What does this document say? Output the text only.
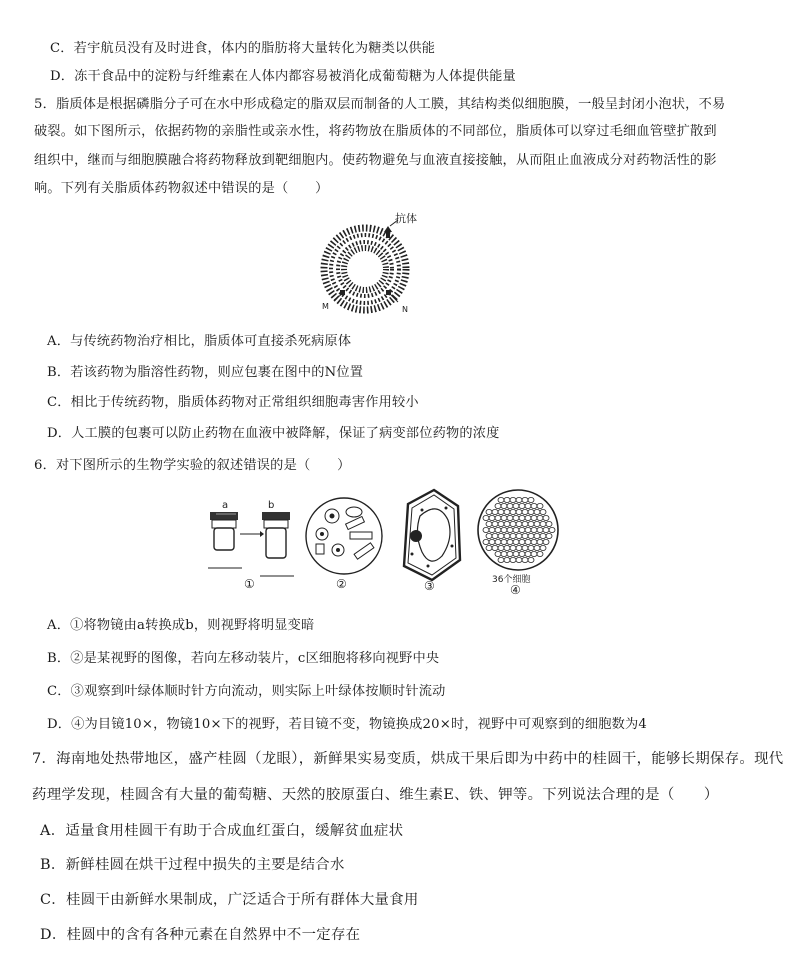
C．若宇航员没有及时进食，体内的脂肪将大量转化为糖类以供能
D．冻干食品中的淀粉与纤维素在人体内都容易被消化成葡萄糖为人体提供能量
5．脂质体是根据磷脂分子可在水中形成稳定的脂双层而制备的人工膜，其结构类似细胞膜，一般呈封闭小泡状，不易
破裂。如下图所示，依据药物的亲脂性或亲水性，将药物放在脂质体的不同部位，脂质体可以穿过毛细血管壁扩散到
组织中，继而与细胞膜融合将药物释放到靶细胞内。使药物避免与血液直接接触，从而阻止血液成分对药物活性的影
响。下列有关脂质体药物叙述中错误的是（　　）
抗体
M	N
A．与传统药物治疗相比，脂质体可直接杀死病原体
B．若该药物为脂溶性药物，则应包裹在图中的N位置
C．相比于传统药物，脂质体药物对正常组织细胞毒害作用较小
D．人工膜的包裹可以防止药物在血液中被降解，保证了病变部位药物的浓度
6．对下图所示的生物学实验的叙述错误的是（　　）
a	b
①	②	③	36个细胞
④
A．①将物镜由a转换成b，则视野将明显变暗
B．②是某视野的图像，若向左移动装片，c区细胞将移向视野中央
C．③观察到叶绿体顺时针方向流动，则实际上叶绿体按顺时针流动
D．④为目镜10×，物镜10×下的视野，若目镜不变，物镜换成20×时，视野中可观察到的细胞数为4
7．海南地处热带地区，盛产桂圆（龙眼），新鲜果实易变质，烘成干果后即为中药中的桂圆干，能够长期保存。现代
药理学发现，桂圆含有大量的葡萄糖、天然的胶原蛋白、维生素E、铁、钾等。下列说法合理的是（　　）
A．适量食用桂圆干有助于合成血红蛋白，缓解贫血症状
B．新鲜桂圆在烘干过程中损失的主要是结合水
C．桂圆干由新鲜水果制成，广泛适合于所有群体大量食用
D．桂圆中的含有各种元素在自然界中不一定存在
